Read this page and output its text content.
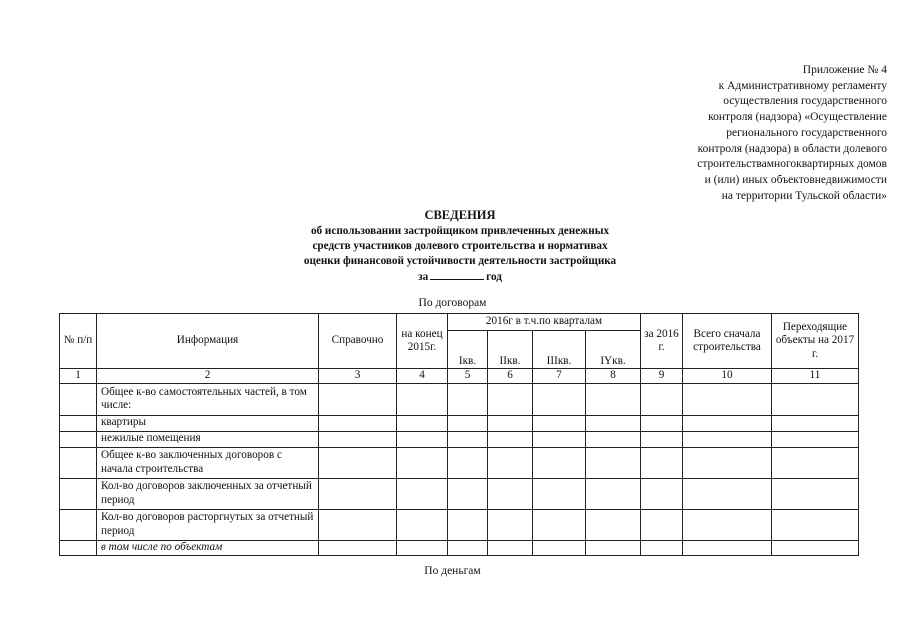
Приложение № 4
к Административному регламенту
осуществления государственного
контроля (надзора) «Осуществление
регионального государственного
контроля (надзора) в области долевого
строительствамногоквартирных домов
и (или) иных объектовнедвижимости
на территории Тульской области»
СВЕДЕНИЯ
об использовании застройщиком привлеченных денежных
средств участников долевого строительства и нормативах
оценки финансовой устойчивости деятельности застройщика
за	год
По договорам
№ п/п	Информация	Справочно	на конец 2015г.	2016г в т.ч.по кварталам				за 2016 г.	Всего сначала строительства	Переходящие объекты на 2017 г.
				Iкв.	IIкв.	IIIкв.	IYкв.			
1	2	3	4	5	6	7	8	9	10	11
	Общее к-во самостоятельных частей, в том числе:									
	квартиры									
	нежилые помещения									
	Общее к-во заключенных договоров с начала строительства									
	Кол-во договоров заключенных за отчетный период									
	Кол-во договоров расторгнутых за отчетный период									
	в том числе по объектам									
По деньгам
